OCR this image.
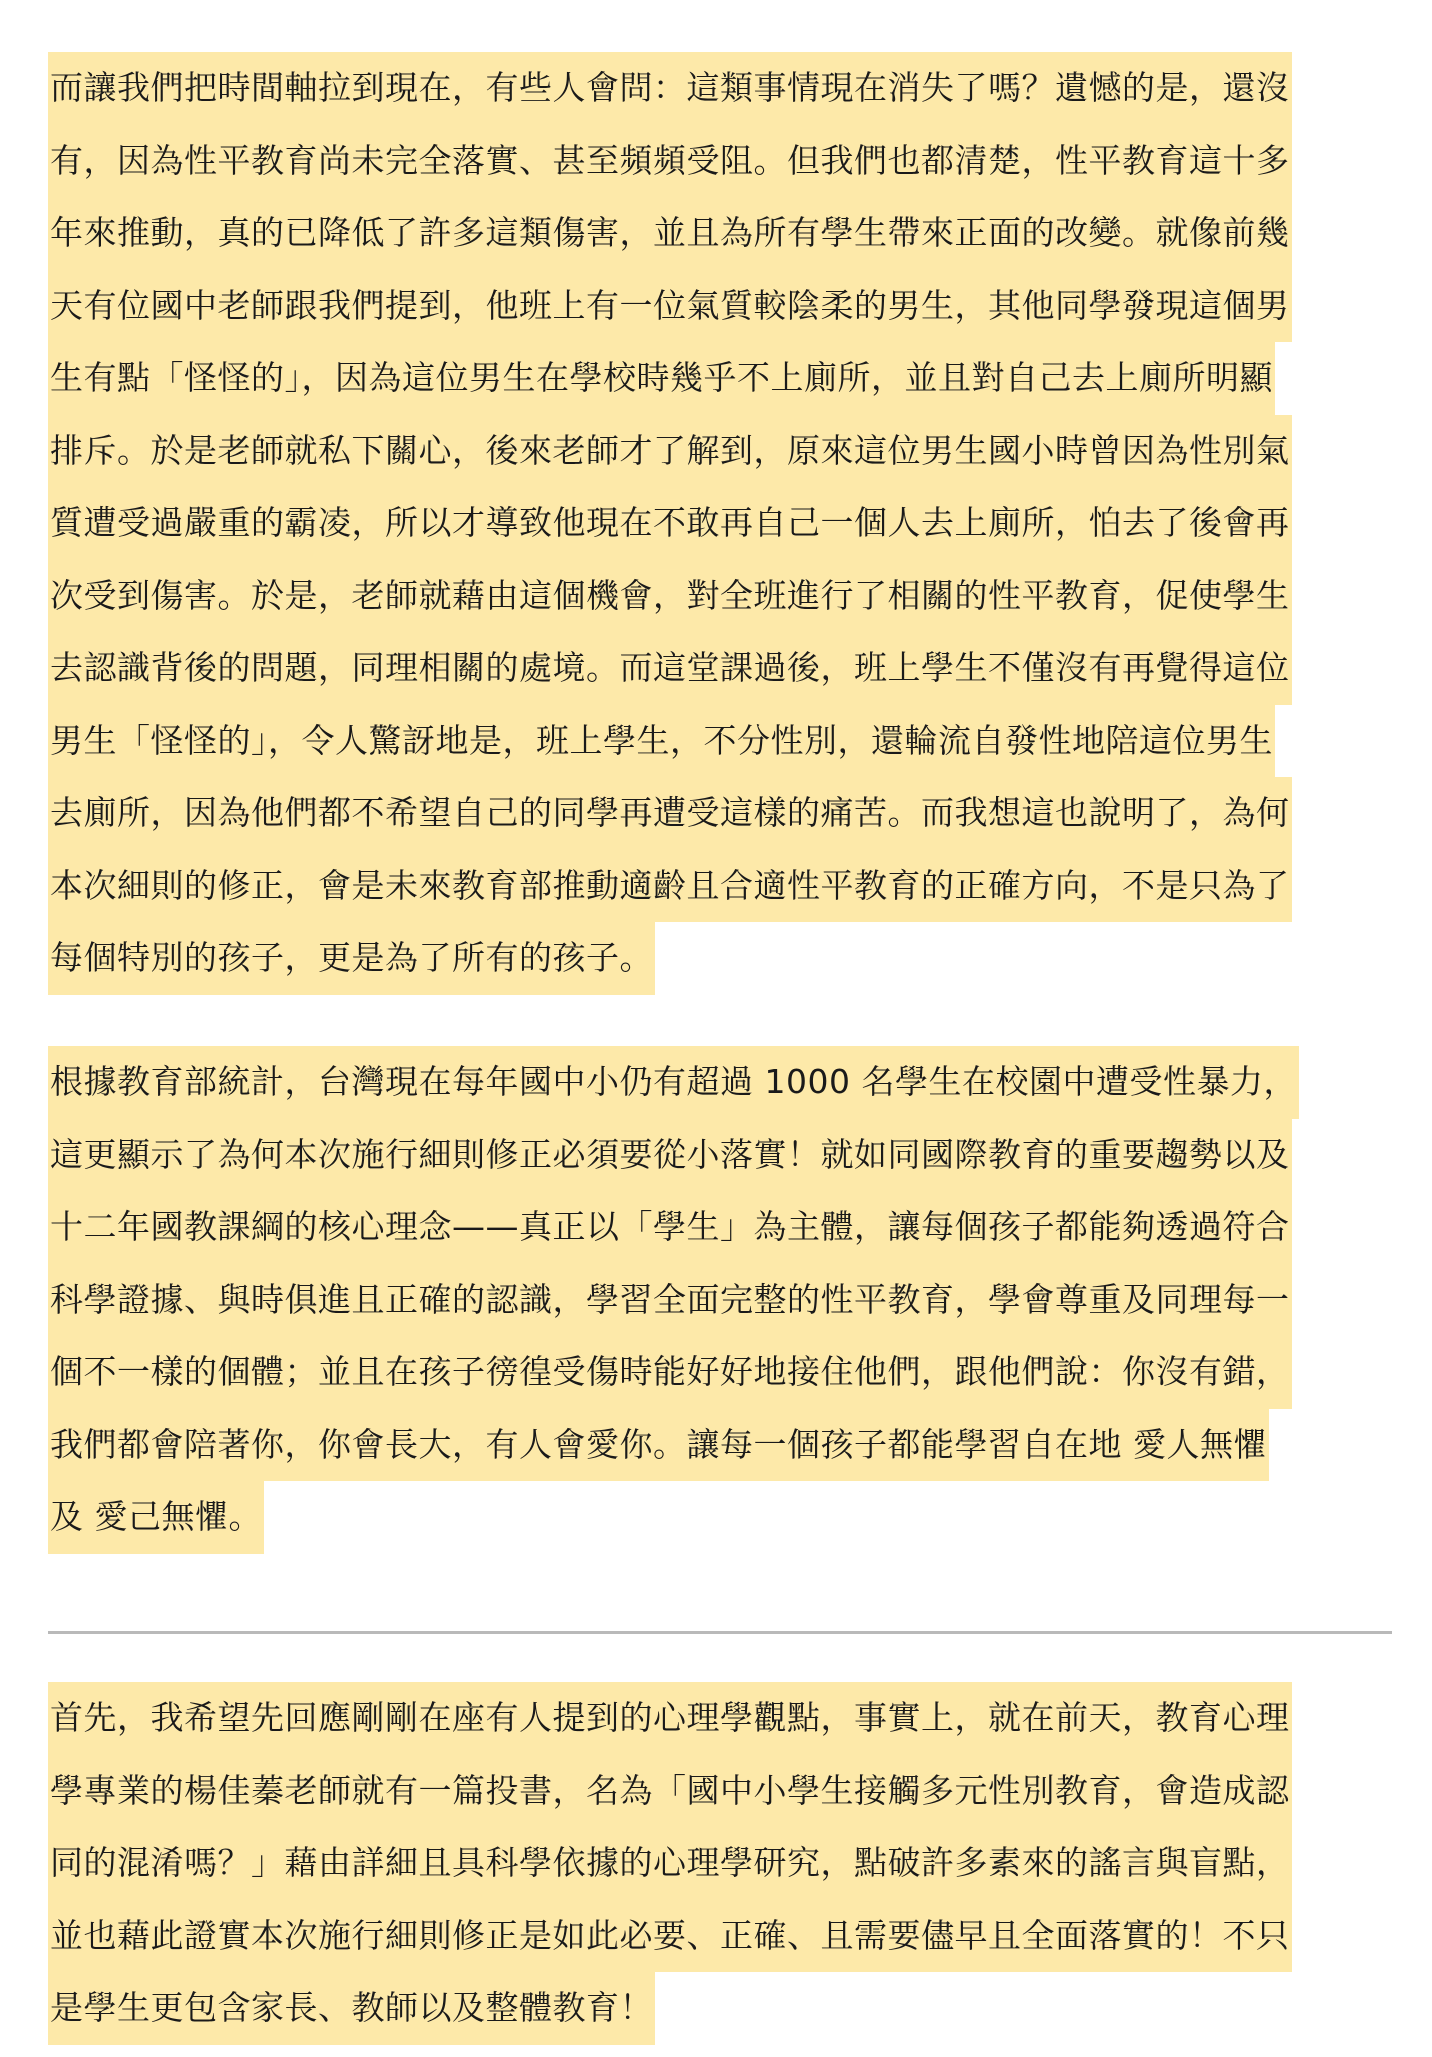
而讓我們把時間軸拉到現在，有些人會問：這類事情現在消失了嗎？遺憾的是，還沒
有，因為性平教育尚未完全落實、甚至頻頻受阻。但我們也都清楚，性平教育這十多
年來推動，真的已降低了許多這類傷害，並且為所有學生帶來正面的改變。就像前幾
天有位國中老師跟我們提到，他班上有一位氣質較陰柔的男生，其他同學發現這個男
生有點「怪怪的」，因為這位男生在學校時幾乎不上廁所，並且對自己去上廁所明顯
排斥。於是老師就私下關心，後來老師才了解到，原來這位男生國小時曾因為性別氣
質遭受過嚴重的霸凌，所以才導致他現在不敢再自己一個人去上廁所，怕去了後會再
次受到傷害。於是，老師就藉由這個機會，對全班進行了相關的性平教育，促使學生
去認識背後的問題，同理相關的處境。而這堂課過後，班上學生不僅沒有再覺得這位
男生「怪怪的」，令人驚訝地是，班上學生，不分性別，還輪流自發性地陪這位男生
去廁所，因為他們都不希望自己的同學再遭受這樣的痛苦。而我想這也說明了，為何
本次細則的修正，會是未來教育部推動適齡且合適性平教育的正確方向，不是只為了
每個特別的孩子，更是為了所有的孩子。
根據教育部統計，台灣現在每年國中小仍有超過 1000 名學生在校園中遭受性暴力，
這更顯示了為何本次施行細則修正必須要從小落實！就如同國際教育的重要趨勢以及
十二年國教課綱的核心理念——真正以「學生」為主體，讓每個孩子都能夠透過符合
科學證據、與時俱進且正確的認識，學習全面完整的性平教育，學會尊重及同理每一
個不一樣的個體；並且在孩子徬徨受傷時能好好地接住他們，跟他們說：你沒有錯，
我們都會陪著你，你會長大，有人會愛你。讓每一個孩子都能學習自在地 愛人無懼
及 愛己無懼。
首先，我希望先回應剛剛在座有人提到的心理學觀點，事實上，就在前天，教育心理
學專業的楊佳蓁老師就有一篇投書，名為「國中小學生接觸多元性別教育，會造成認
同的混淆嗎？」藉由詳細且具科學依據的心理學研究，點破許多素來的謠言與盲點，
並也藉此證實本次施行細則修正是如此必要、正確、且需要儘早且全面落實的！不只
是學生更包含家長、教師以及整體教育！
